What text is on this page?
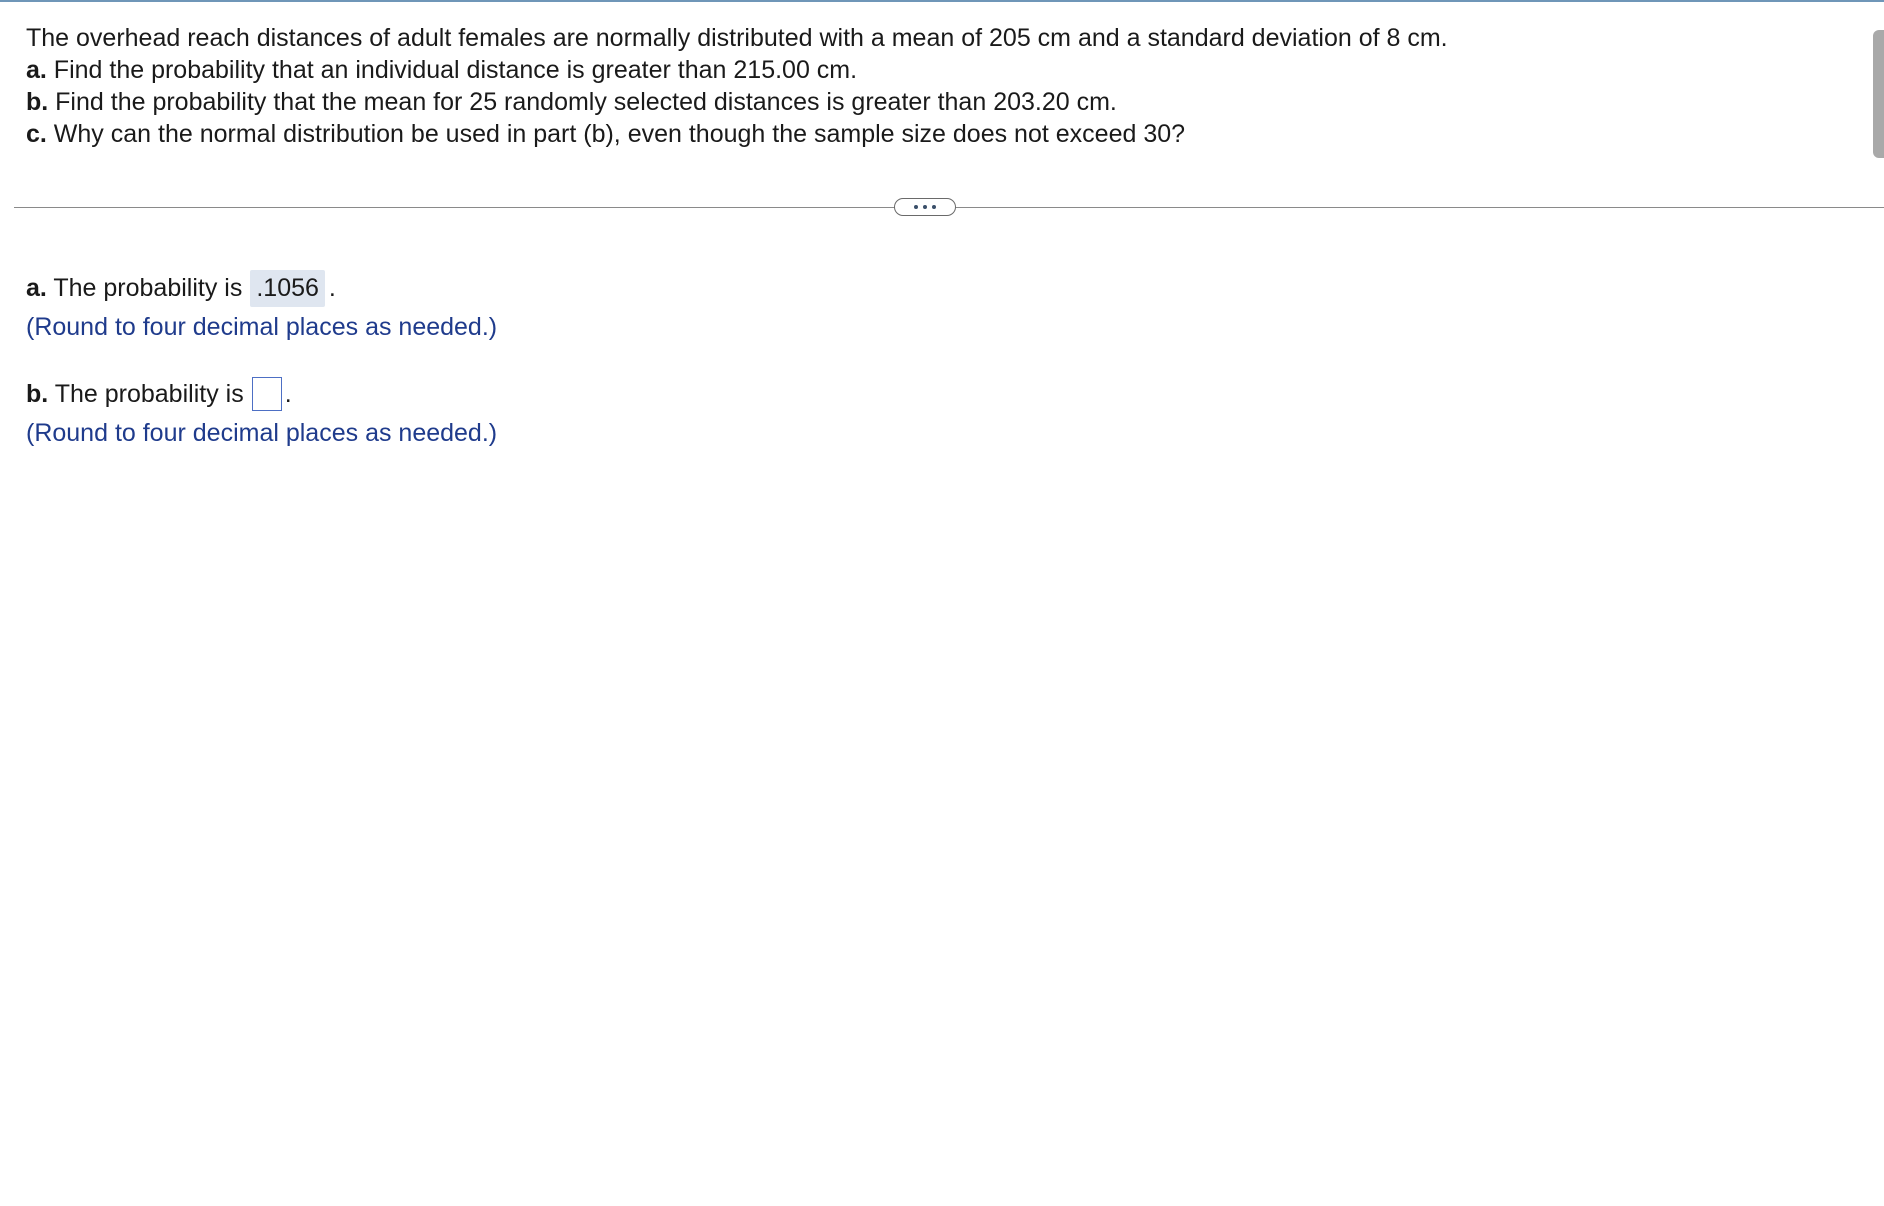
The overhead reach distances of adult females are normally distributed with a mean of 205 cm and a standard deviation of 8 cm.
a. Find the probability that an individual distance is greater than 215.00 cm.
b. Find the probability that the mean for 25 randomly selected distances is greater than 203.20 cm.
c. Why can the normal distribution be used in part (b), even though the sample size does not exceed 30?
a. The probability is .1056 .
(Round to four decimal places as needed.)
b. The probability is .
(Round to four decimal places as needed.)
